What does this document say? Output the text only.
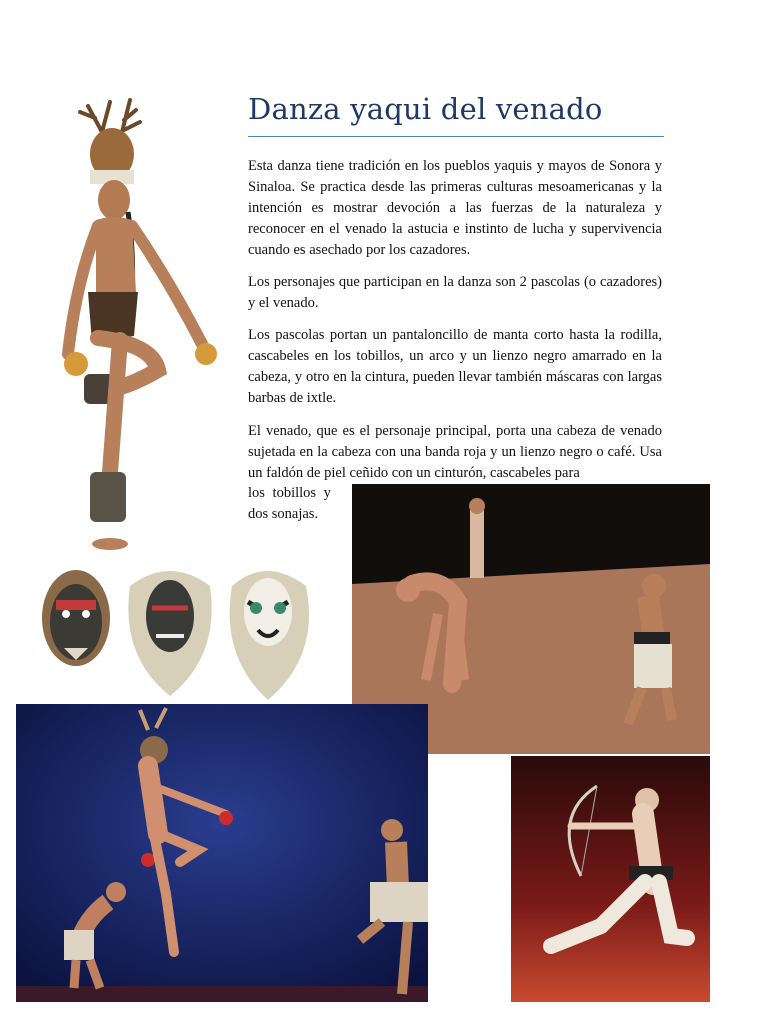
Danza yaqui del venado
Esta danza tiene tradición en los pueblos yaquis y mayos de Sonora y Sinaloa. Se practica desde las primeras culturas mesoamericanas y la intención es mostrar devoción a las fuerzas de la naturaleza y reconocer en el venado la astucia e instinto de lucha y supervivencia cuando es asechado por los cazadores.
Los personajes que participan en la danza son 2 pascolas (o cazadores) y el venado.
Los pascolas portan un pantaloncillo de manta corto hasta la rodilla, cascabeles en los tobillos, un arco y un lienzo negro amarrado en la cabeza, y otro en la cintura, pueden llevar también máscaras con largas barbas de ixtle.
El venado, que es el personaje principal, porta una cabeza de venado sujetada en la cabeza con una banda roja y un lienzo negro o café. Usa un faldón de piel ceñido con un cinturón, cascabeles para
los tobillos y
dos sonajas.
